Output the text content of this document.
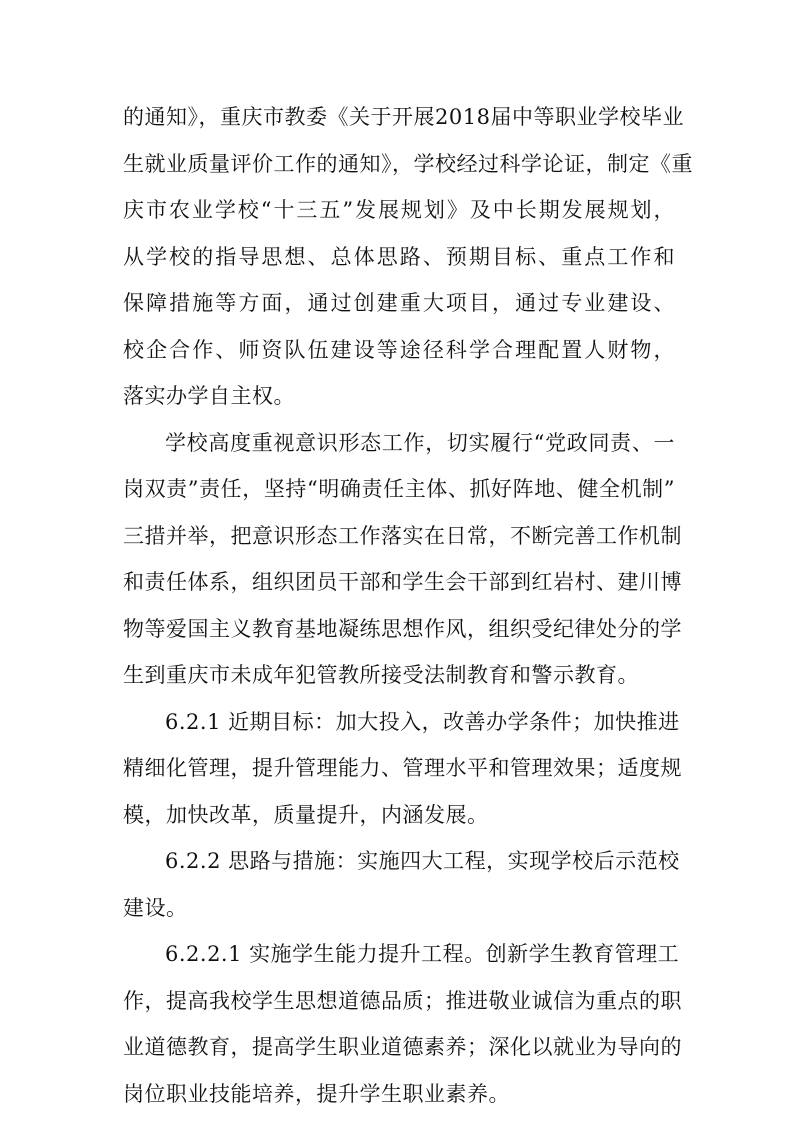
的通知》，重庆市教委《关于开展2018届中等职业学校毕业
生就业质量评价工作的通知》，学校经过科学论证，制定《重
庆市农业学校“十三五”发展规划》及中长期发展规划，
从学校的指导思想、总体思路、预期目标、重点工作和
保障措施等方面，通过创建重大项目，通过专业建设、
校企合作、师资队伍建设等途径科学合理配置人财物，
落实办学自主权。
学校高度重视意识形态工作，切实履行“党政同责、一
岗双责”责任，坚持“明确责任主体、抓好阵地、健全机制”
三措并举，把意识形态工作落实在日常，不断完善工作机制
和责任体系，组织团员干部和学生会干部到红岩村、建川博
物等爱国主义教育基地凝练思想作风，组织受纪律处分的学
生到重庆市未成年犯管教所接受法制教育和警示教育。
6.2.1 近期目标：加大投入，改善办学条件；加快推进
精细化管理，提升管理能力、管理水平和管理效果；适度规
模，加快改革，质量提升，内涵发展。
6.2.2 思路与措施：实施四大工程，实现学校后示范校
建设。
6.2.2.1 实施学生能力提升工程。创新学生教育管理工
作，提高我校学生思想道德品质；推进敬业诚信为重点的职
业道德教育，提高学生职业道德素养；深化以就业为导向的
岗位职业技能培养，提升学生职业素养。
